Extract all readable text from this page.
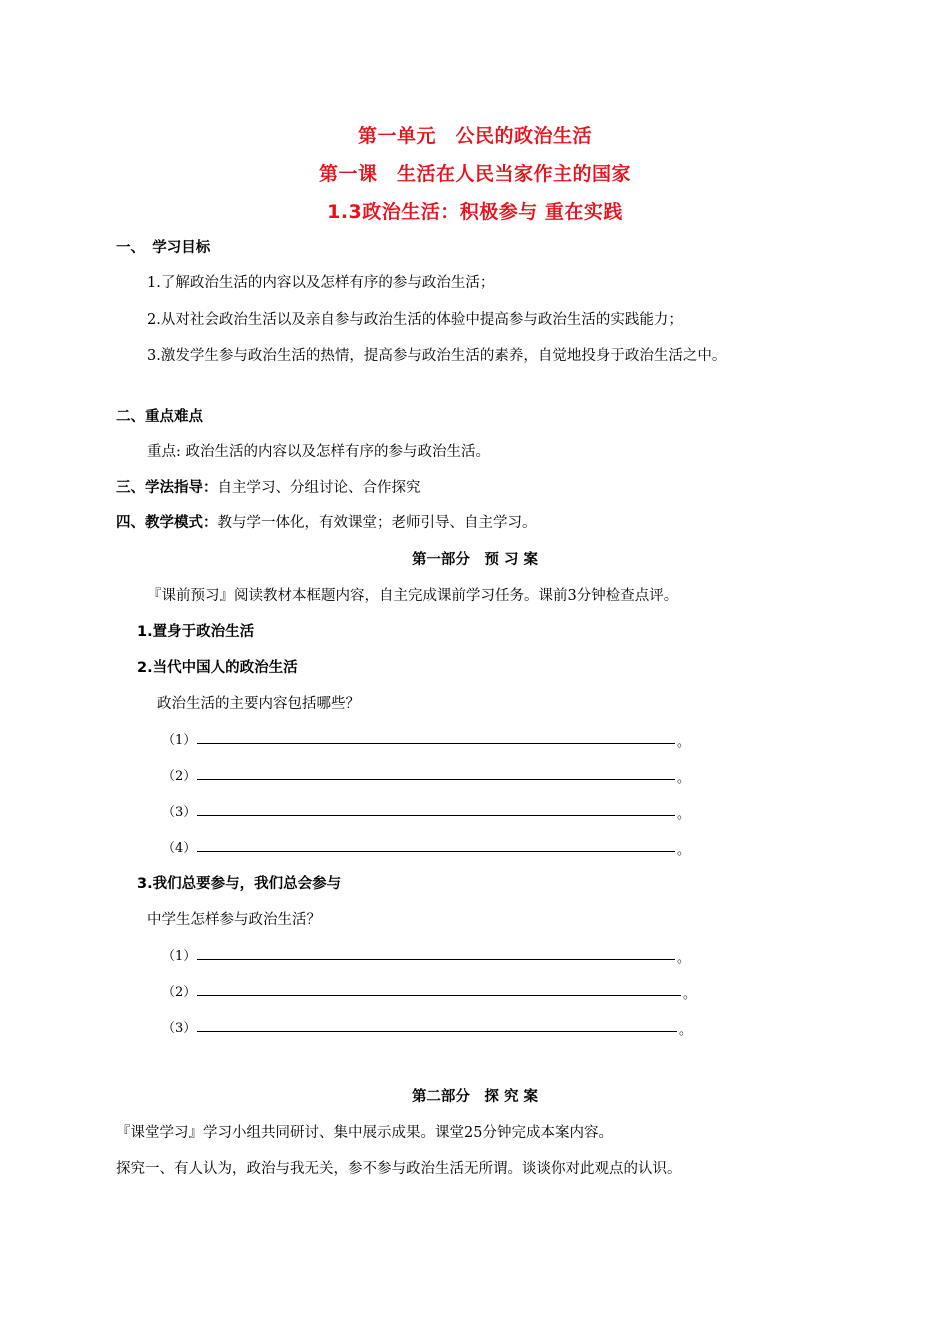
第一单元　公民的政治生活
第一课　生活在人民当家作主的国家
1.3政治生活：积极参与 重在实践
一、　学习目标
1.了解政治生活的内容以及怎样有序的参与政治生活；
2.从对社会政治生活以及亲自参与政治生活的体验中提高参与政治生活的实践能力；
3.激发学生参与政治生活的热情，提高参与政治生活的素养，自觉地投身于政治生活之中。
二、重点难点
重点: 政治生活的内容以及怎样有序的参与政治生活。
三、学法指导：自主学习、分组讨论、合作探究
四、教学模式：教与学一体化，有效课堂；老师引导、自主学习。
第一部分　预 习 案
『课前预习』阅读教材本框题内容，自主完成课前学习任务。课前3分钟检查点评。
1.置身于政治生活
2.当代中国人的政治生活
政治生活的主要内容包括哪些？
（1）	。
（2）	。
（3）	。
（4）	。
3.我们总要参与，我们总会参与
中学生怎样参与政治生活？
（1）	。
（2）	。
（3）	。
第二部分　探 究 案
『课堂学习』学习小组共同研讨、集中展示成果。课堂25分钟完成本案内容。
探究一、有人认为，政治与我无关，参不参与政治生活无所谓。谈谈你对此观点的认识。
